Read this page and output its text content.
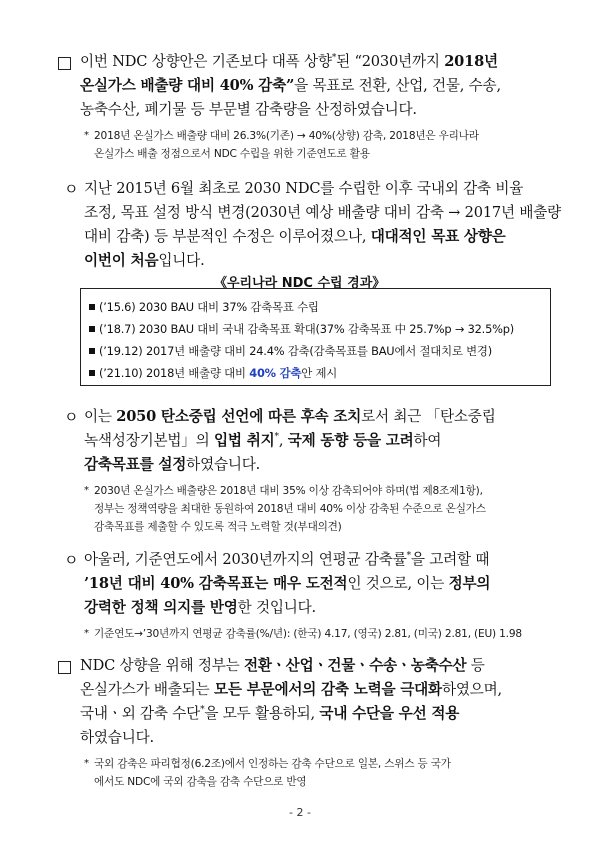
이번 NDC 상향안은 기존보다 대폭 상향*된 “2030년까지 2018년
온실가스 배출량 대비 40% 감축”을 목표로 전환, 산업, 건물, 수송,
농축수산, 폐기물 등 부문별 감축량을 산정하였습니다.
* 2018년 온실가스 배출량 대비 26.3%(기존) → 40%(상향) 감축, 2018년은 우리나라
온실가스 배출 정점으로서 NDC 수립을 위한 기준연도로 활용
ㅇ 지난 2015년 6월 최초로 2030 NDC를 수립한 이후 국내외 감축 비율
조정, 목표 설정 방식 변경(2030년 예상 배출량 대비 감축 → 2017년 배출량
대비 감축) 등 부분적인 수정은 이루어졌으나, 대대적인 목표 상향은
이번이 처음입니다.
《우리나라 NDC 수립 경과》
(’15.6) 2030 BAU 대비 37% 감축목표 수립
(’18.7) 2030 BAU 대비 국내 감축목표 확대(37% 감축목표 中 25.7%p → 32.5%p)
(’19.12) 2017년 배출량 대비 24.4% 감축(감축목표를 BAU에서 절대치로 변경)
(’21.10) 2018년 배출량 대비 40% 감축안 제시
ㅇ 이는 2050 탄소중립 선언에 따른 후속 조치로서 최근 「탄소중립
녹색성장기본법」의 입법 취지*, 국제 동향 등을 고려하여
감축목표를 설정하였습니다.
* 2030년 온실가스 배출량은 2018년 대비 35% 이상 감축되어야 하며(법 제8조제1항),
정부는 정책역량을 최대한 동원하여 2018년 대비 40% 이상 감축된 수준으로 온실가스
감축목표를 제출할 수 있도록 적극 노력할 것(부대의견)
ㅇ 아울러, 기준연도에서 2030년까지의 연평균 감축률*을 고려할 때
’18년 대비 40% 감축목표는 매우 도전적인 것으로, 이는 정부의
강력한 정책 의지를 반영한 것입니다.
* 기준연도→’30년까지 연평균 감축률(%/년): (한국) 4.17, (영국) 2.81, (미국) 2.81, (EU) 1.98
NDC 상향을 위해 정부는 전환ㆍ산업ㆍ건물ㆍ수송ㆍ농축수산 등
온실가스가 배출되는 모든 부문에서의 감축 노력을 극대화하였으며,
국내ㆍ외 감축 수단*을 모두 활용하되, 국내 수단을 우선 적용
하였습니다.
* 국외 감축은 파리협정(6.2조)에서 인정하는 감축 수단으로 일본, 스위스 등 국가
에서도 NDC에 국외 감축을 감축 수단으로 반영
- 2 -
